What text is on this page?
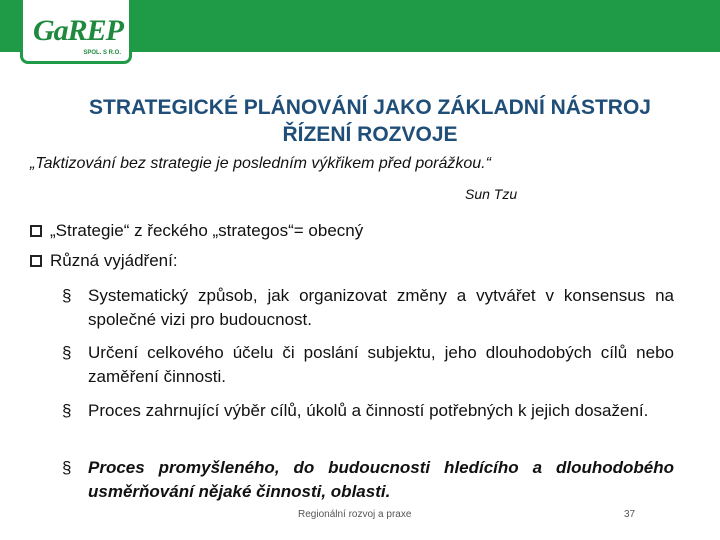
GaREP
SPOL. S R.O.
STRATEGICKÉ PLÁNOVÁNÍ JAKO ZÁKLADNÍ NÁSTROJ
ŘÍZENÍ ROZVOJE
„Taktizování bez strategie je posledním výkřikem před porážkou.“
Sun Tzu
„Strategie“ z řeckého „strategos“= obecný
Různá vyjádření:
§ Systematický způsob, jak organizovat změny a vytvářet v konsensus na společné vizi pro budoucnost.
§ Určení celkového účelu či poslání subjektu, jeho dlouhodobých cílů nebo zaměření činnosti.
§ Proces zahrnující výběr cílů, úkolů a činností potřebných k jejich dosažení.
§ Proces promyšleného, do budoucnosti hledícího a dlouhodobého usměrňování nějaké činnosti, oblasti.
Regionální rozvoj a praxe	37
